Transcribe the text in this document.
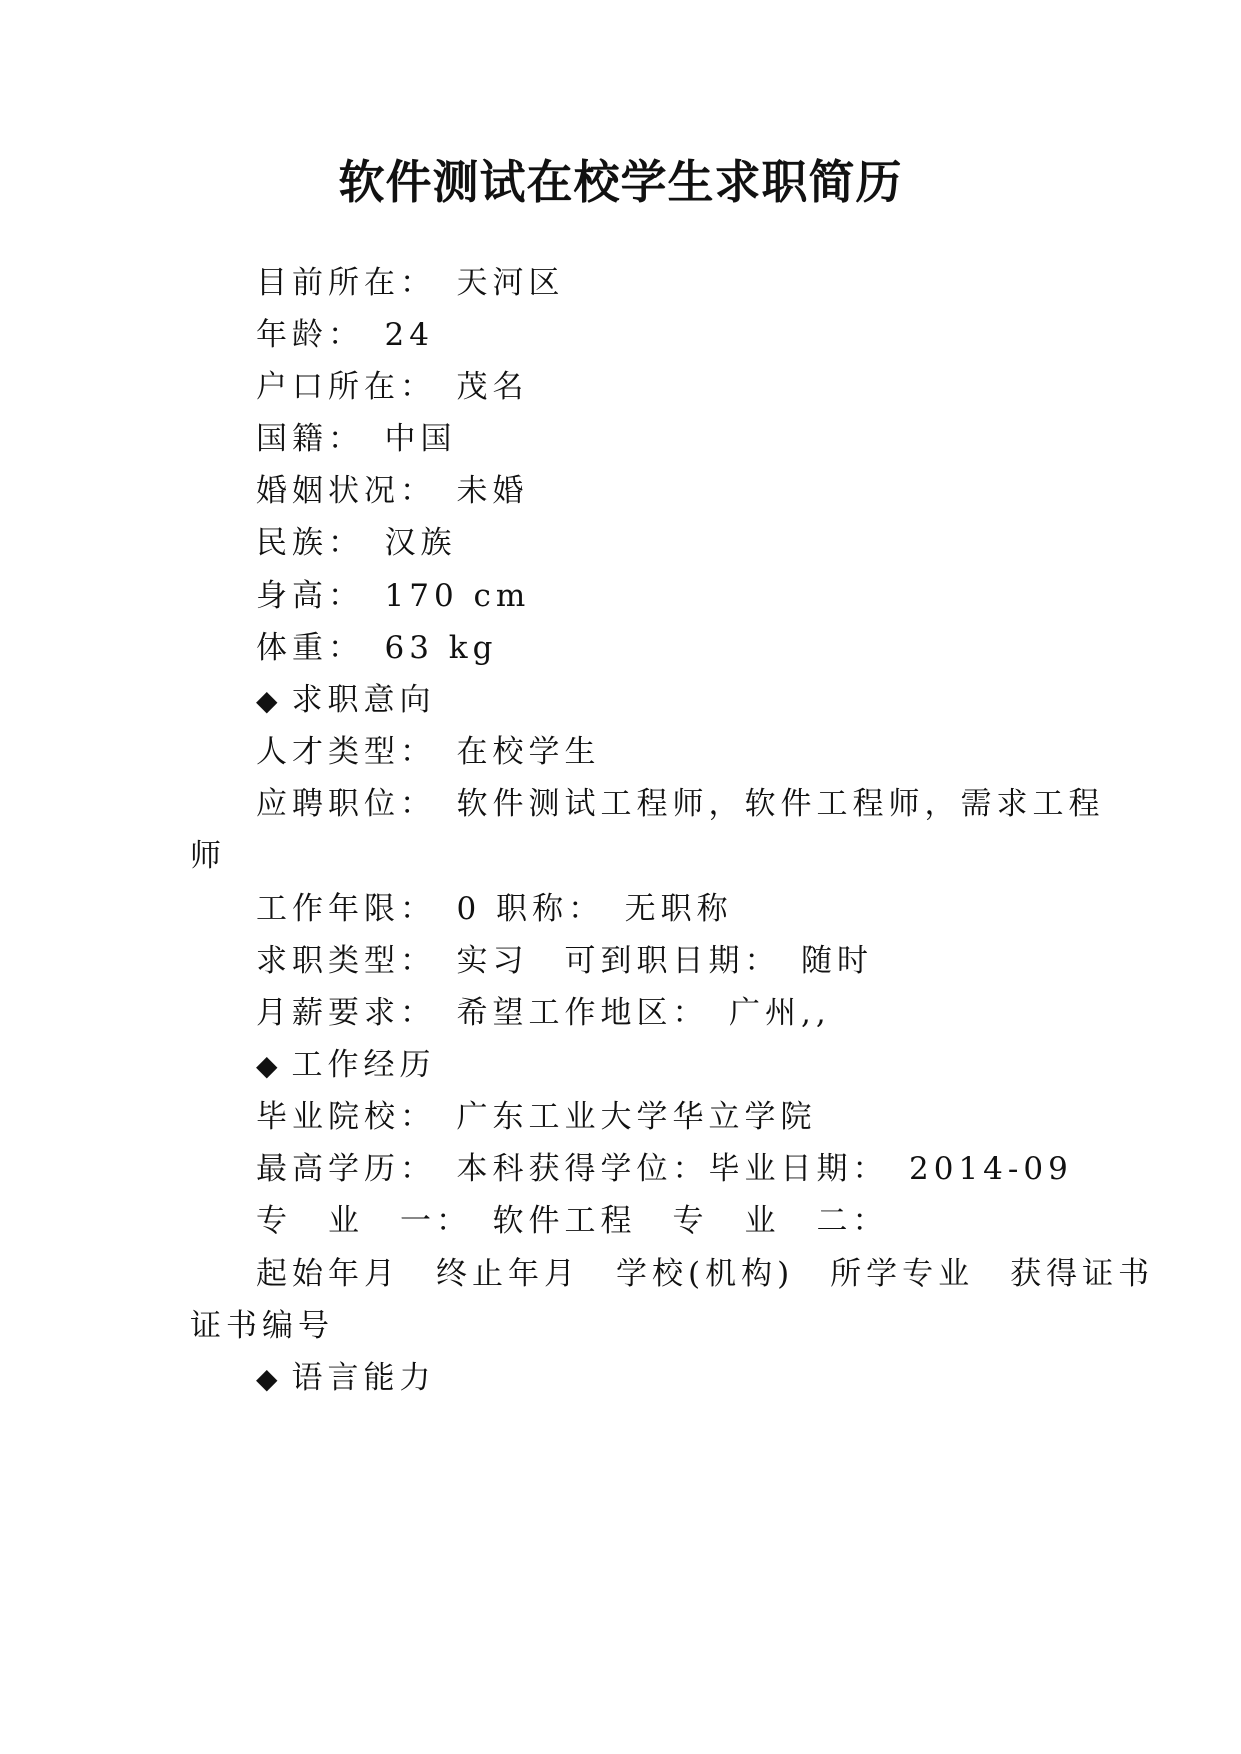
软件测试在校学生求职简历
目前所在：　天河区
年龄：　24
户口所在：　茂名
国籍：　中国
婚姻状况：　未婚
民族：　汉族
身高：　170 cm
体重：　63 kg
◆ 求职意向
人才类型：　在校学生
应聘职位：　软件测试工程师，软件工程师，需求工程
师
工作年限：　0 职称：　无职称
求职类型：　实习　可到职日期：　随时
月薪要求：　希望工作地区：　广州,,
◆ 工作经历
毕业院校：　广东工业大学华立学院
最高学历：　本科获得学位：毕业日期：　2014-09
专　业　一：　软件工程　专　业　二：
起始年月　终止年月　学校(机构)　所学专业　获得证书
证书编号
◆ 语言能力
